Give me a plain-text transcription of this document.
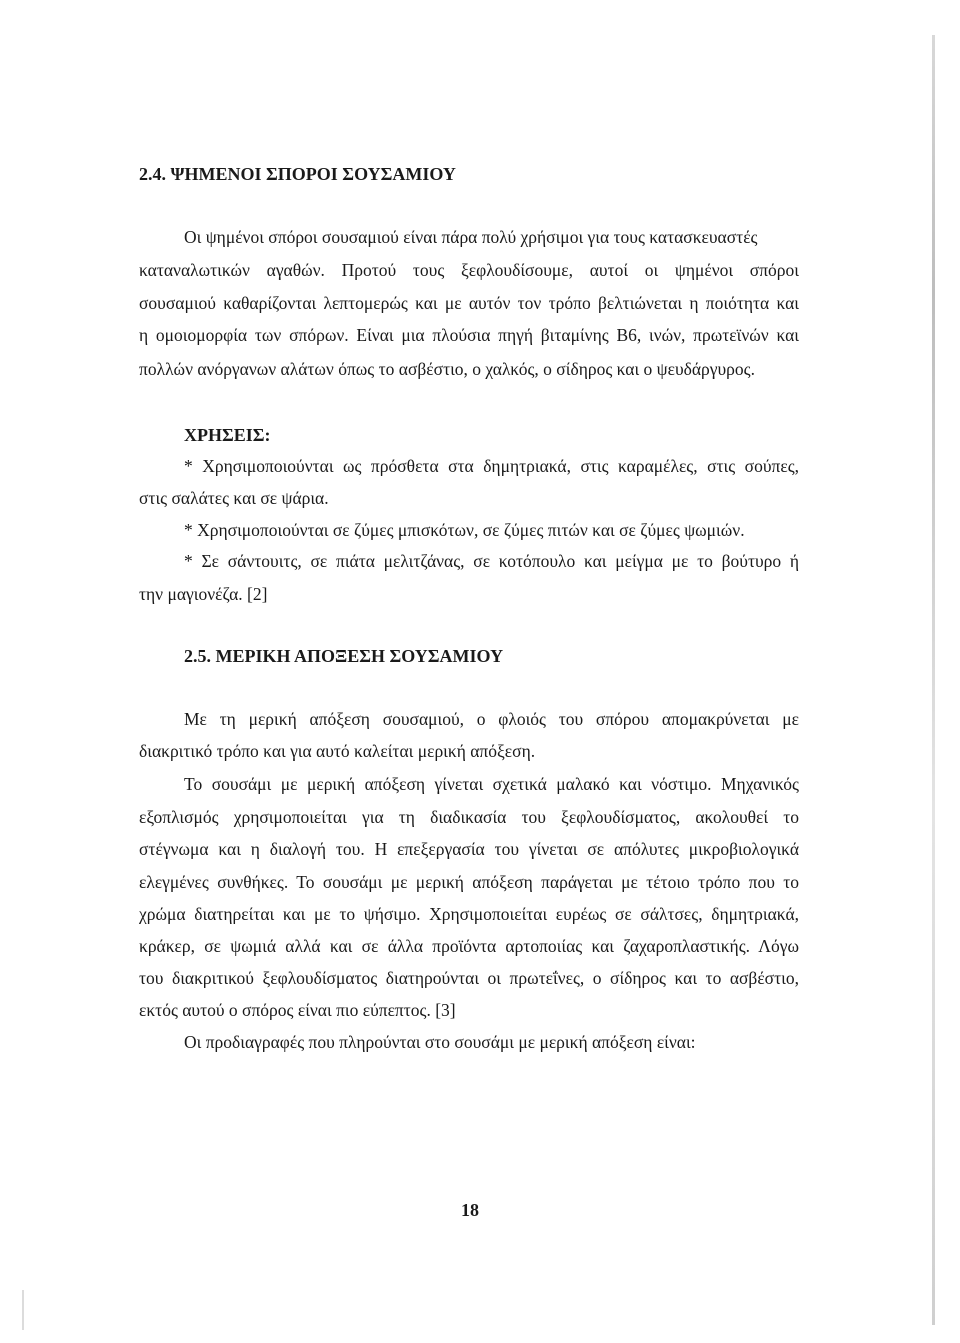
2.4. ΨΗΜΕΝΟΙ ΣΠΟΡΟΙ ΣΟΥΣΑΜΙΟΥ
Οι ψημένοι σπόροι σουσαμιού είναι πάρα πολύ χρήσιμοι για τους κατασκευαστές
καταναλωτικών αγαθών. Προτού τους ξεφλουδίσουμε, αυτοί οι ψημένοι σπόροι
σουσαμιού καθαρίζονται λεπτομερώς και με αυτόν τον τρόπο βελτιώνεται η ποιότητα και
η ομοιομορφία των σπόρων. Είναι μια πλούσια πηγή βιταμίνης Β6, ινών, πρωτεϊνών και
πολλών ανόργανων αλάτων όπως το ασβέστιο, ο χαλκός, ο σίδηρος και ο ψευδάργυρος.
ΧΡΗΣΕΙΣ:
* Χρησιμοποιούνται ως πρόσθετα στα δημητριακά, στις καραμέλες, στις σούπες,
στις σαλάτες και σε ψάρια.
* Χρησιμοποιούνται σε ζύμες μπισκότων, σε ζύμες πιτών και σε ζύμες ψωμιών.
* Σε σάντουιτς, σε πιάτα μελιτζάνας, σε κοτόπουλο και μείγμα με το βούτυρο ή
την μαγιονέζα. [2]
2.5. ΜΕΡΙΚΗ ΑΠΟΞΕΣΗ ΣΟΥΣΑΜΙΟΥ
Με τη μερική απόξεση σουσαμιού, ο φλοιός του σπόρου απομακρύνεται με
διακριτικό τρόπο και για αυτό καλείται μερική απόξεση.
Το σουσάμι με μερική απόξεση γίνεται σχετικά μαλακό και νόστιμο. Μηχανικός
εξοπλισμός χρησιμοποιείται για τη διαδικασία του ξεφλουδίσματος, ακολουθεί το
στέγνωμα και η διαλογή του. Η επεξεργασία του γίνεται σε απόλυτες μικροβιολογικά
ελεγμένες συνθήκες. Το σουσάμι με μερική απόξεση παράγεται με τέτοιο τρόπο που το
χρώμα διατηρείται και με το ψήσιμο. Χρησιμοποιείται ευρέως σε σάλτσες, δημητριακά,
κράκερ, σε ψωμιά αλλά και σε άλλα προϊόντα αρτοποιίας και ζαχαροπλαστικής. Λόγω
του διακριτικού ξεφλουδίσματος διατηρούνται οι πρωτεΐνες, ο σίδηρος και το ασβέστιο,
εκτός αυτού ο σπόρος είναι πιο εύπεπτος. [3]
Οι προδιαγραφές που πληρούνται στο σουσάμι με μερική απόξεση είναι:
18
